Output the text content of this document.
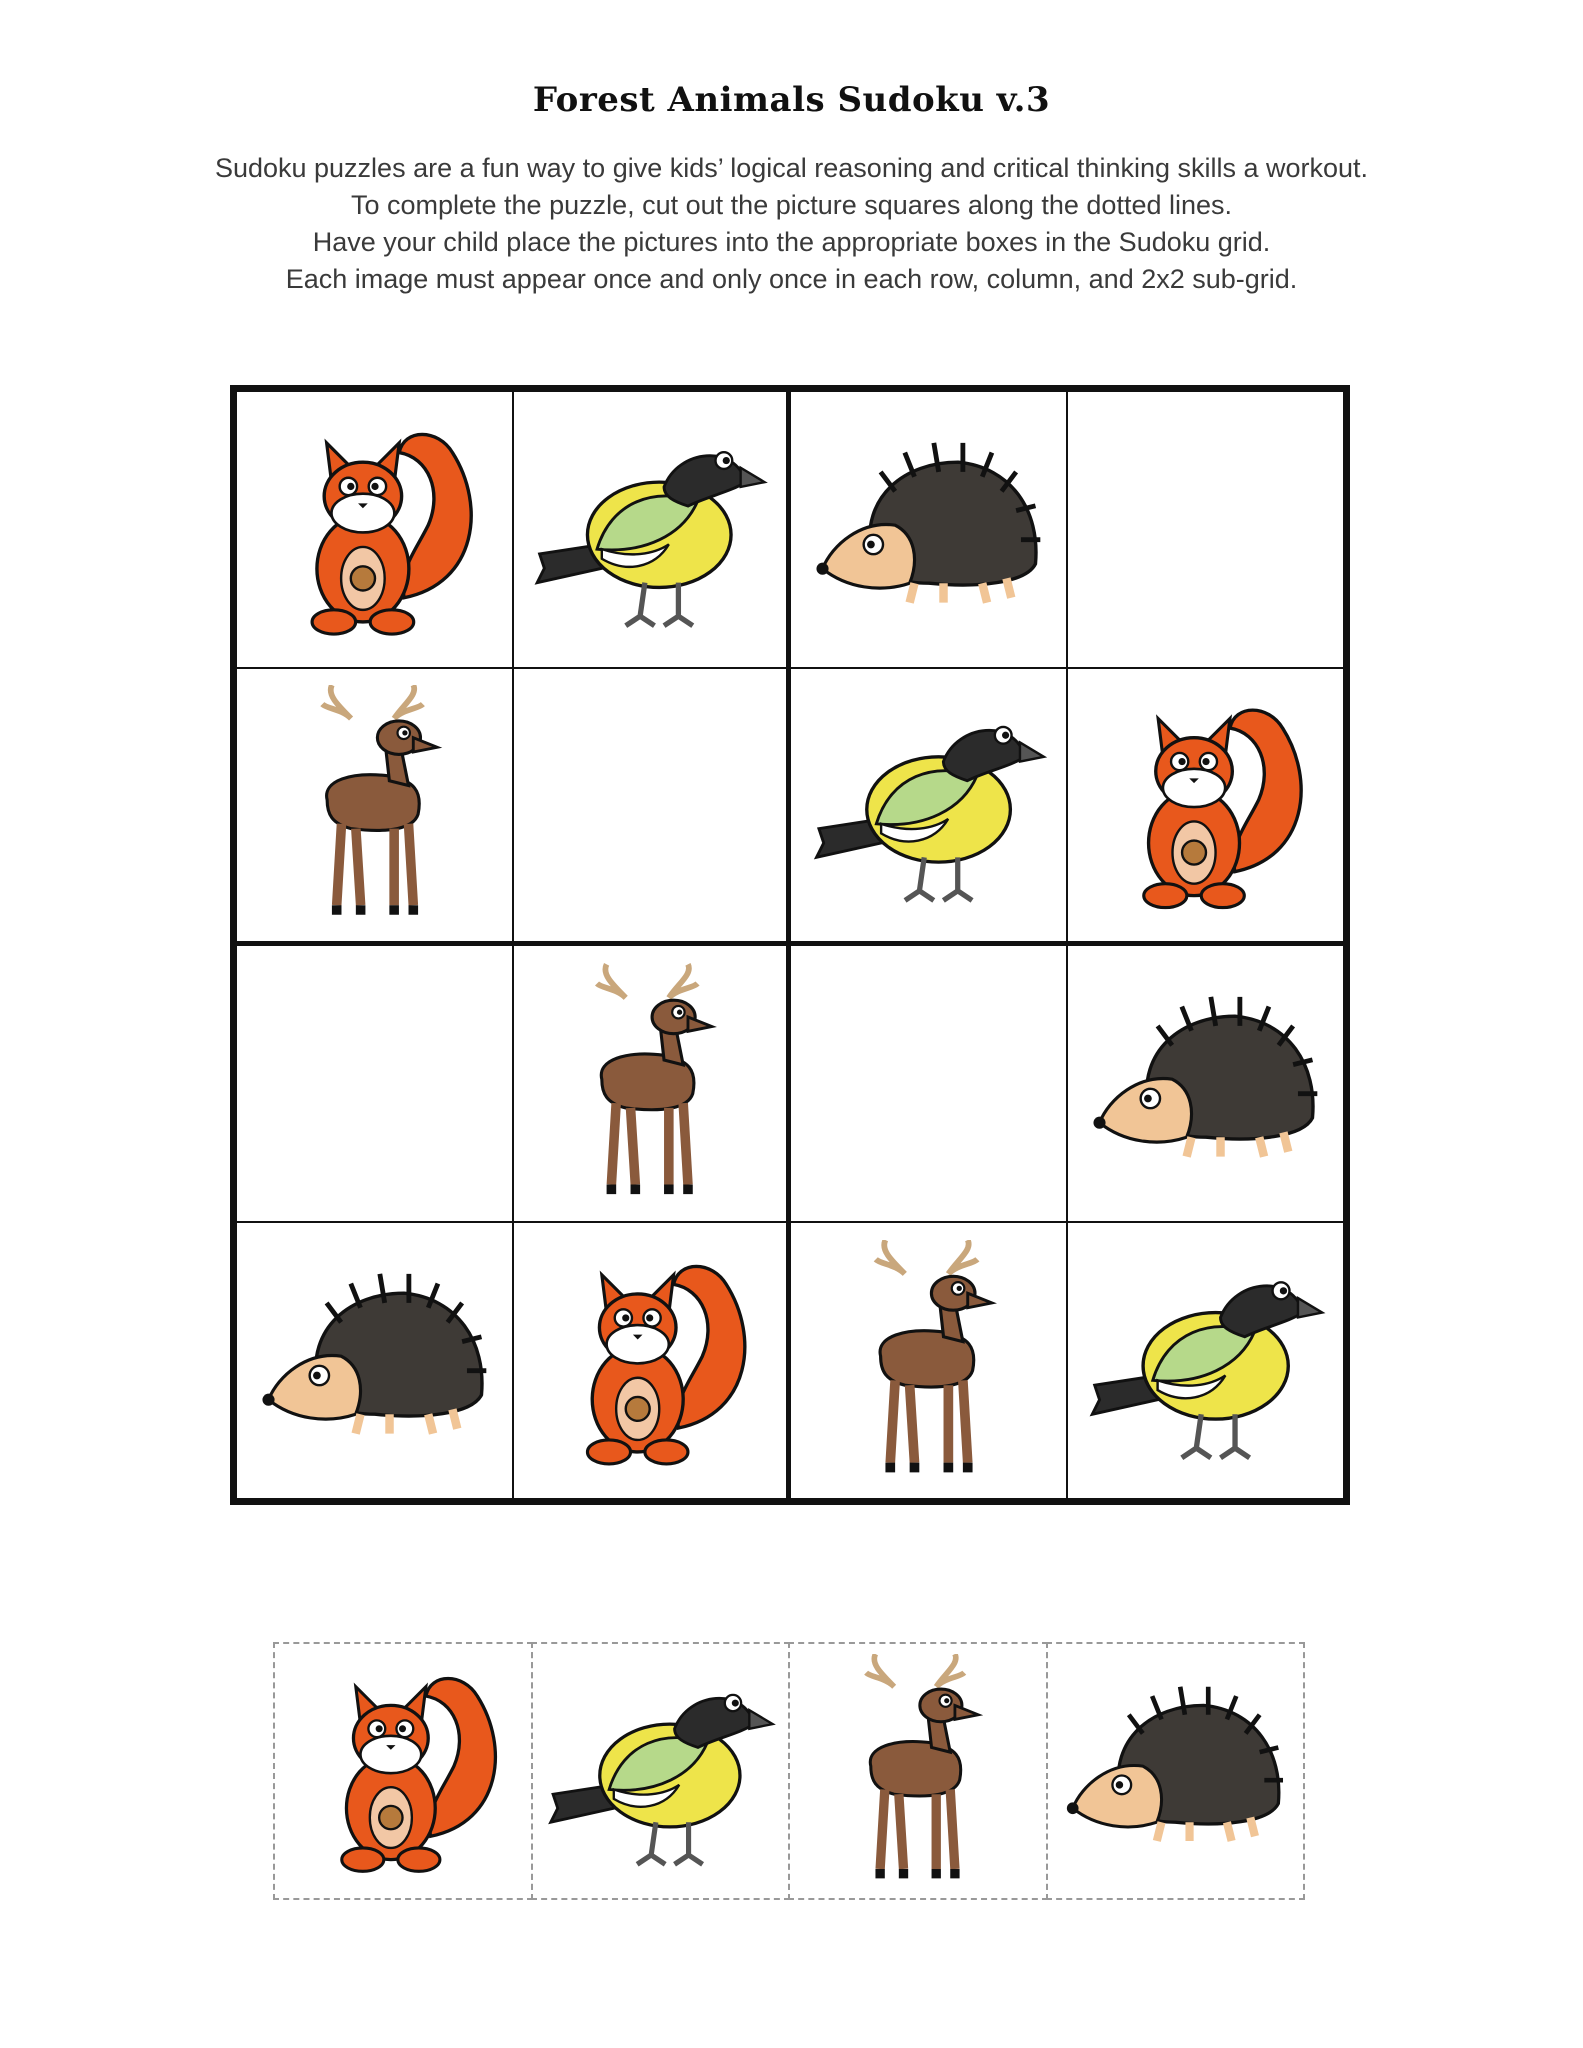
Forest Animals Sudoku v.3
Sudoku puzzles are a fun way to give kids’ logical reasoning and critical thinking skills a workout.
To complete the puzzle, cut out the picture squares along the dotted lines.
Have your child place the pictures into the appropriate boxes in the Sudoku grid.
Each image must appear once and only once in each row, column, and 2x2 sub-grid.
